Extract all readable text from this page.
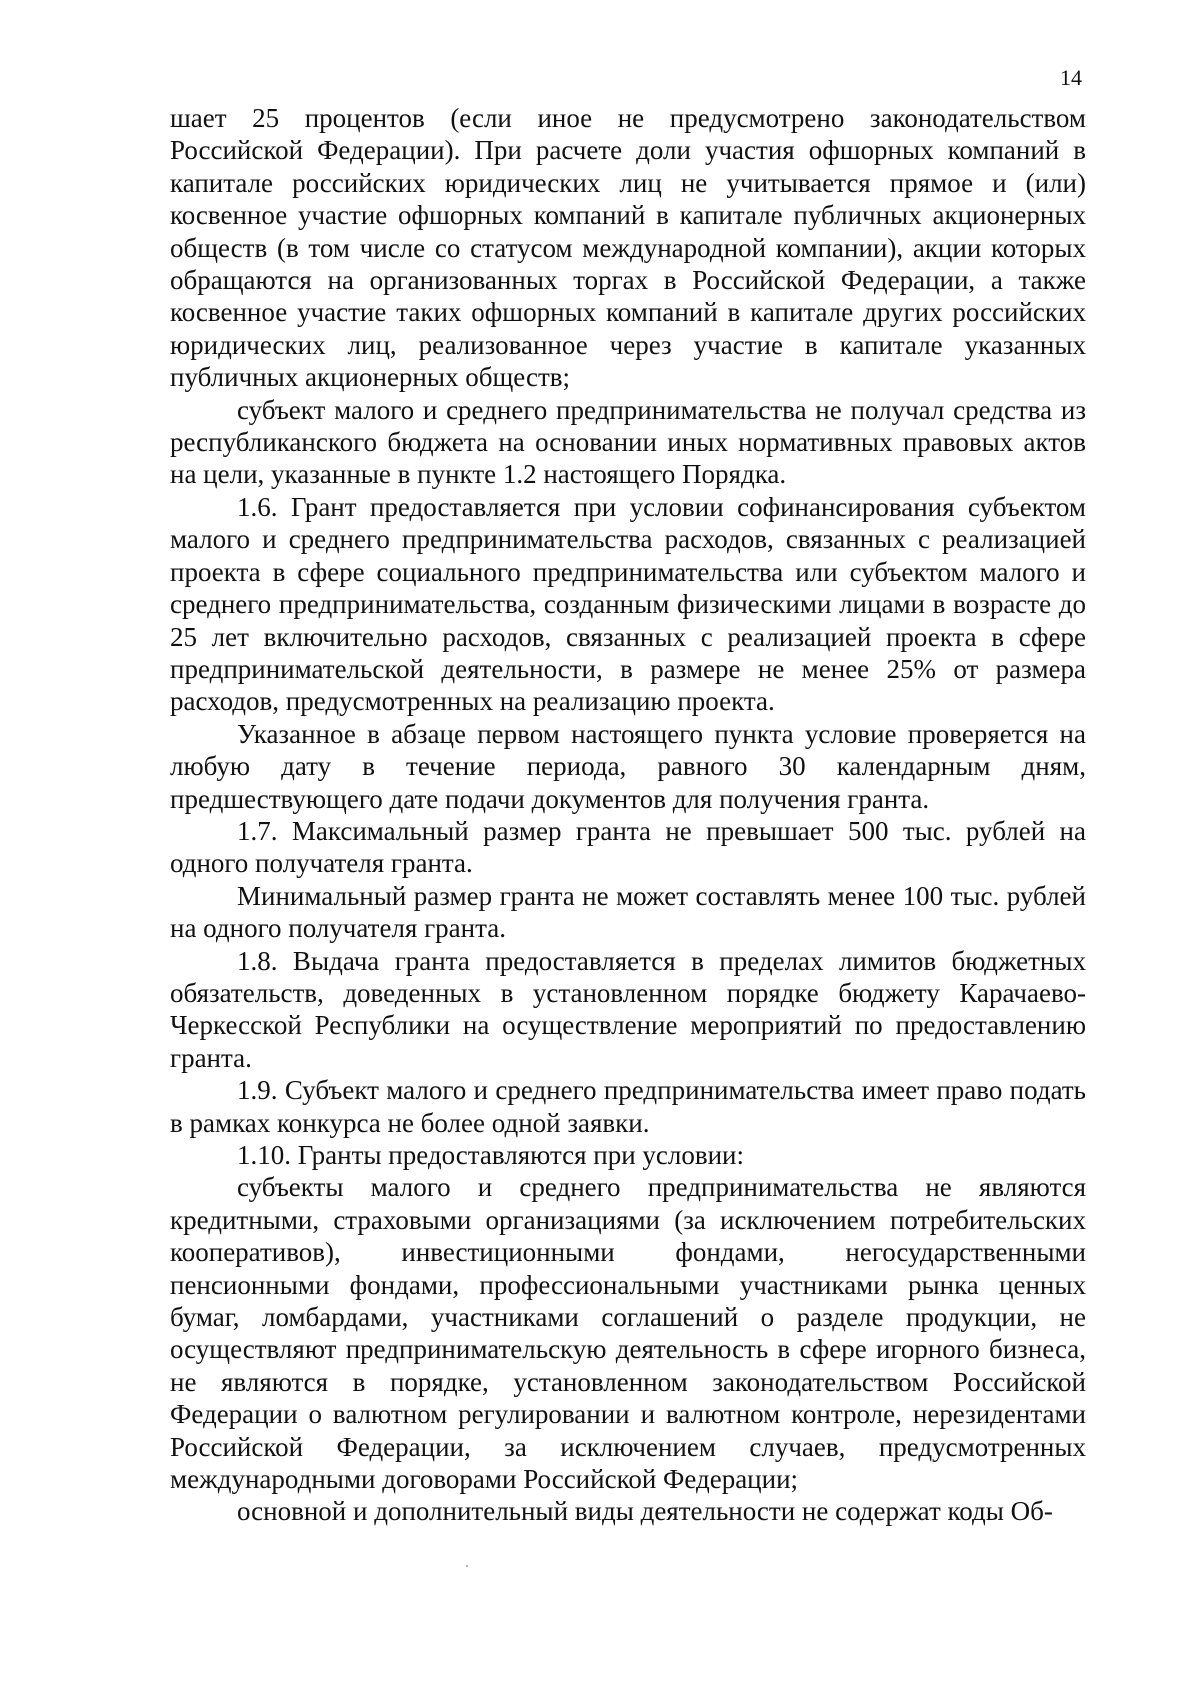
14

шает 25 процентов (если иное не предусмотрено законодательством Российской Федерации). При расчете доли участия офшорных компаний в капитале российских юридических лиц не учитывается прямое и (или) косвенное участие офшорных компаний в капитале публичных акционерных обществ (в том числе со статусом международной компании), акции которых обращаются на организованных торгах в Российской Федерации, а также косвенное участие таких офшорных компаний в капитале других российских юридических лиц, реализованное через участие в капитале указанных публичных акционерных обществ;

субъект малого и среднего предпринимательства не получал средства из республиканского бюджета на основании иных нормативных правовых актов на цели, указанные в пункте 1.2 настоящего Порядка.

1.6. Грант предоставляется при условии софинансирования субъектом малого и среднего предпринимательства расходов, связанных с реализацией проекта в сфере социального предпринимательства или субъектом малого и среднего предпринимательства, созданным физическими лицами в возрасте до 25 лет включительно расходов, связанных с реализацией проекта в сфере предпринимательской деятельности, в размере не менее 25% от размера расходов, предусмотренных на реализацию проекта.

Указанное в абзаце первом настоящего пункта условие проверяется на любую дату в течение периода, равного 30 календарным дням, предшествующего дате подачи документов для получения гранта.

1.7. Максимальный размер гранта не превышает 500 тыс. рублей на одного получателя гранта.

Минимальный размер гранта не может составлять менее 100 тыс. рублей на одного получателя гранта.

1.8. Выдача гранта предоставляется в пределах лимитов бюджетных обязательств, доведенных в установленном порядке бюджету Карачаево-Черкесской Республики на осуществление мероприятий по предоставлению гранта.

1.9. Субъект малого и среднего предпринимательства имеет право подать в рамках конкурса не более одной заявки.

1.10. Гранты предоставляются при условии:

субъекты малого и среднего предпринимательства не являются кредитными, страховыми организациями (за исключением потребительских кооперативов), инвестиционными фондами, негосударственными пенсионными фондами, профессиональными участниками рынка ценных бумаг, ломбардами, участниками соглашений о разделе продукции, не осуществляют предпринимательскую деятельность в сфере игорного бизнеса, не являются в порядке, установленном законодательством Российской Федерации о валютном регулировании и валютном контроле, нерезидентами Российской Федерации, за исключением случаев, предусмотренных международными договорами Российской Федерации;

основной и дополнительный виды деятельности не содержат коды Об-
